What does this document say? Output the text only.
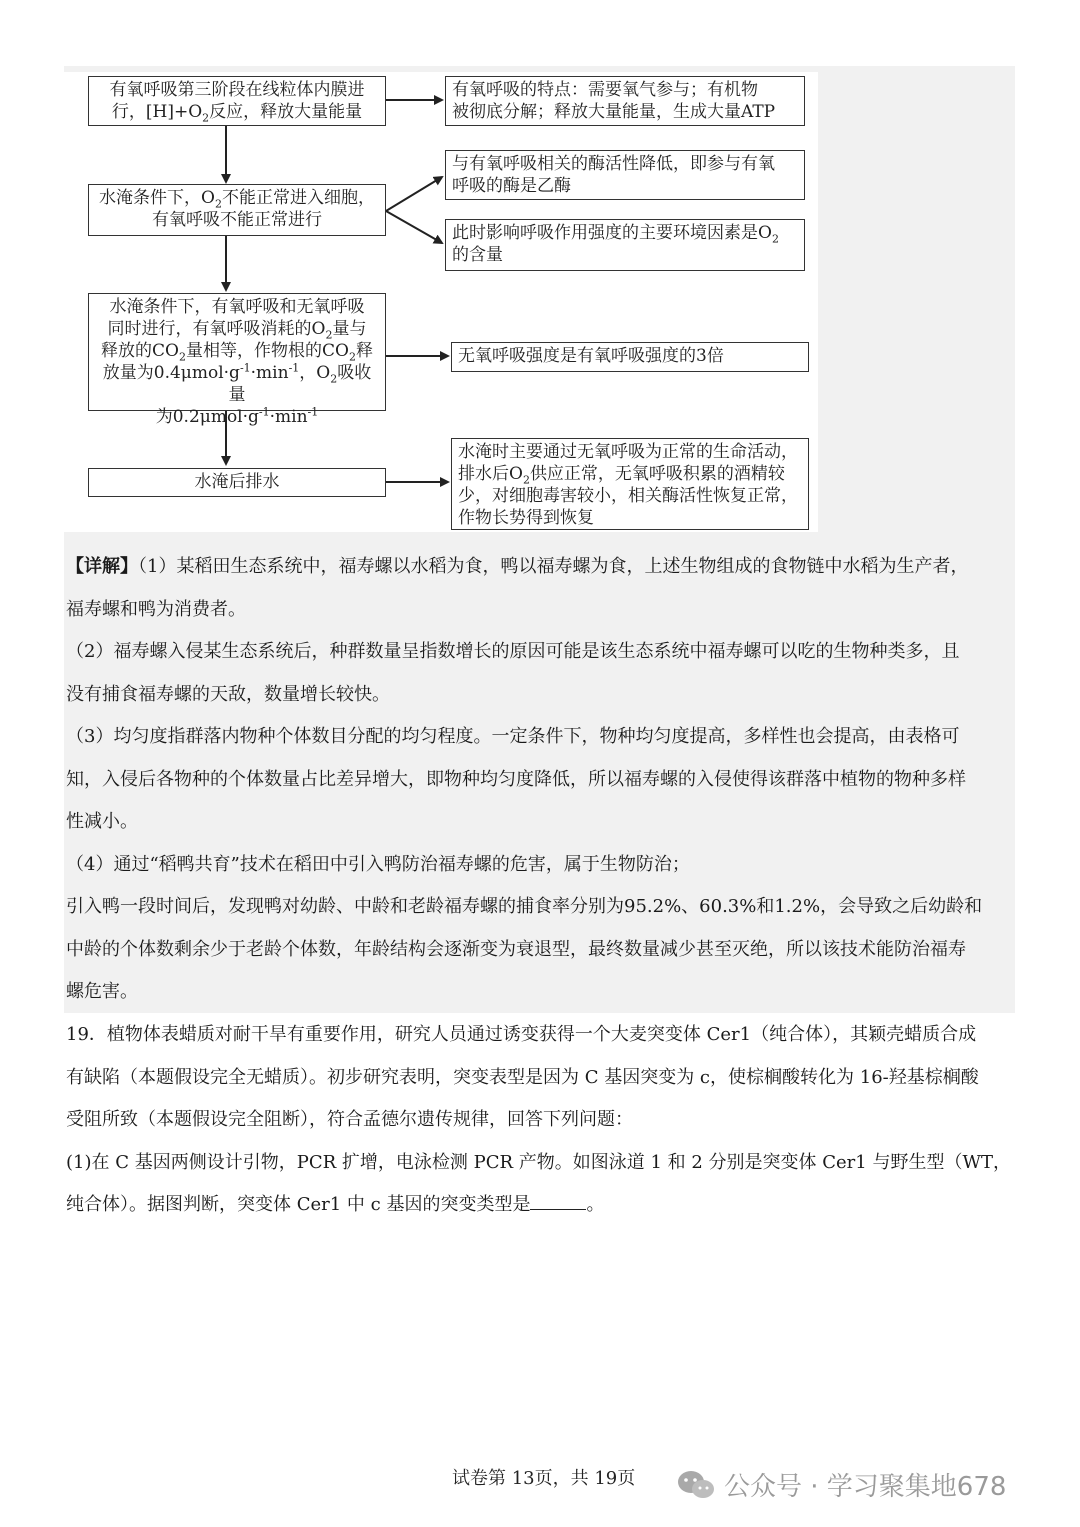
有氧呼吸第三阶段在线粒体内膜进
行，$[H]+O_2$反应，释放大量能量
水淹条件下，$O_2$不能正常进入细胞，
有氧呼吸不能正常进行
水淹条件下，有氧呼吸和无氧呼吸
同时进行，有氧呼吸消耗的$O_2$量与
释放的$CO_2$量相等，作物根的$CO_2$释
放量为$0.4\mu mol\cdot g^{-1}\cdot\min^{-1}$，$O_2$吸收量
为$0.2\mu mol\cdot g^{-1}\cdot\min^{-1}$
水淹后排水
有氧呼吸的特点：需要氧气参与；有机物
被彻底分解；释放大量能量，生成大量ATP
与有氧呼吸相关的酶活性降低，即参与有氧
呼吸的酶是乙酶
此时影响呼吸作用强度的主要环境因素是$O_2$
的含量
无氧呼吸强度是有氧呼吸强度的3倍
水淹时主要通过无氧呼吸为正常的生命活动，
排水后$O_2$供应正常，无氧呼吸积累的酒精较
少，对细胞毒害较小，相关酶活性恢复正常，
作物长势得到恢复

【详解】（1）某稻田生态系统中，福寿螺以水稻为食，鸭以福寿螺为食，上述生物组成的食物链中水稻为生产者，

福寿螺和鸭为消费者。

（2）福寿螺入侵某生态系统后，种群数量呈指数增长的原因可能是该生态系统中福寿螺可以吃的生物种类多，且

没有捕食福寿螺的天敌，数量增长较快。

（3）均匀度指群落内物种个体数目分配的均匀程度。一定条件下，物种均匀度提高，多样性也会提高，由表格可

知，入侵后各物种的个体数量占比差异增大，即物种均匀度降低，所以福寿螺的入侵使得该群落中植物的物种多样

性减小。

（4）通过“稻鸭共育”技术在稻田中引入鸭防治福寿螺的危害，属于生物防治；

引入鸭一段时间后，发现鸭对幼龄、中龄和老龄福寿螺的捕食率分别为95.2%、60.3%和1.2%，会导致之后幼龄和

中龄的个体数剩余少于老龄个体数，年龄结构会逐渐变为衰退型，最终数量减少甚至灭绝，所以该技术能防治福寿

螺危害。

19．植物体表蜡质对耐干旱有重要作用，研究人员通过诱变获得一个大麦突变体 Cer1（纯合体），其颖壳蜡质合成

有缺陷（本题假设完全无蜡质）。初步研究表明，突变表型是因为 C 基因突变为 c，使棕榈酸转化为 16-羟基棕榈酸

受阻所致（本题假设完全阻断），符合孟德尔遗传规律，回答下列问题：

(1)在 C 基因两侧设计引物，PCR 扩增，电泳检测 PCR 产物。如图泳道 1 和 2 分别是突变体 Cer1 与野生型（WT，

纯合体）。据图判断，突变体 Cer1 中 c 基因的突变类型是	。

试卷第 13页，共 19页	公众号 · 学习聚集地678
